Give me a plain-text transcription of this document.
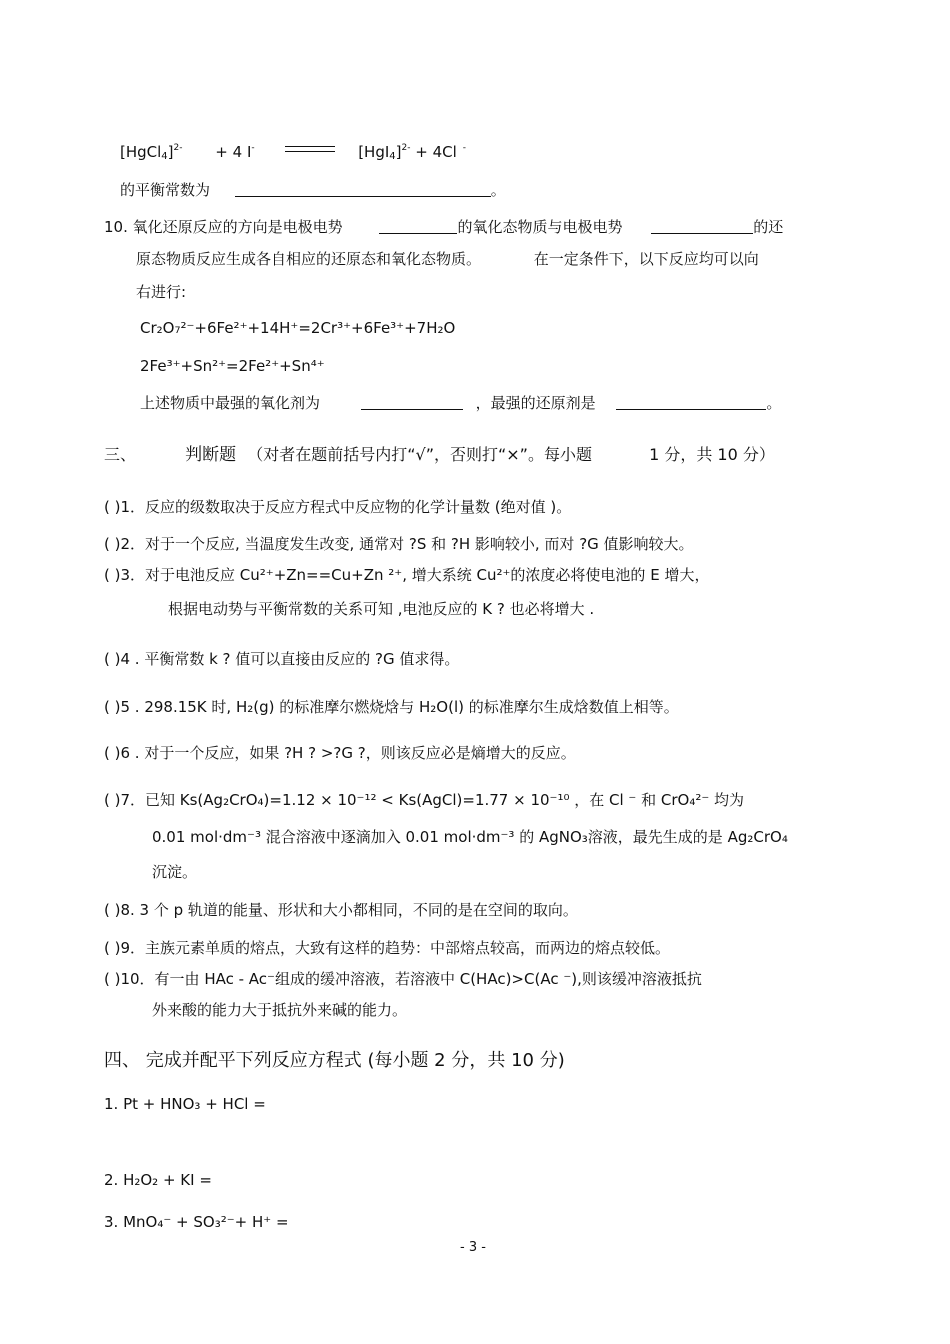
[HgCl$_4$]$^{2-}$ + 4 I-	$[HgI_4]^{2-} + 4Cl$ -
的平衡常数为	。
10. 氧化还原反应的方向是电极电势	的氧化态物质与电极电势	的还
原态物质反应生成各自相应的还原态和氧化态物质。	在一定条件下，以下反应均可以向
右进行:
Cr₂O₇²⁻+6Fe²⁺+14H⁺=2Cr³⁺+6Fe³⁺+7H₂O
2Fe³⁺+Sn²⁺=2Fe²⁺+Sn⁴⁺
上述物质中最强的氧化剂为	，最强的还原剂是	。
三、	判断题 （对者在题前括号内打“√”，否则打“×”。每小题	1 分，共 10 分）
( )1．反应的级数取决于反应方程式中反应物的化学计量数 (绝对值 )。
( )2．对于一个反应, 当温度发生改变, 通常对 ?S 和 ?H 影响较小, 而对 ?G 值影响较大。
( )3．对于电池反应 Cu²⁺+Zn==Cu+Zn ²⁺, 增大系统 Cu²⁺的浓度必将使电池的 E 增大，
根据电动势与平衡常数的关系可知 ,电池反应的 K ? 也必将增大 .
( )4 . 平衡常数 k ? 值可以直接由反应的 ?G 值求得。
( )5 . 298.15K 时, H₂(g) 的标准摩尔燃烧焓与 H₂O(l) 的标准摩尔生成焓数值上相等。
( )6 . 对于一个反应，如果 ?H ? >?G ?，则该反应必是熵增大的反应。
( )7．已知 Ks(Ag₂CrO₄)=1.12 × 10⁻¹² < Ks(AgCl)=1.77 × 10⁻¹⁰ ，在 Cl ⁻ 和 CrO₄²⁻ 均为
0.01 mol·dm⁻³ 混合溶液中逐滴加入 0.01 mol·dm⁻³ 的 AgNO₃溶液，最先生成的是 Ag₂CrO₄
沉淀。
( )8. 3 个 p 轨道的能量、形状和大小都相同，不同的是在空间的取向。
( )9．主族元素单质的熔点，大致有这样的趋势：中部熔点较高，而两边的熔点较低。
( )10．有一由 HAc - Ac⁻组成的缓冲溶液，若溶液中 C(HAc)>C(Ac ⁻),则该缓冲溶液抵抗
外来酸的能力大于抵抗外来碱的能力。
四、 完成并配平下列反应方程式 (每小题 2 分，共 10 分)
1. Pt + HNO₃ + HCl =
2. H₂O₂ + KI =
3. MnO₄⁻ + SO₃²⁻+ H⁺ =
- 3 -
